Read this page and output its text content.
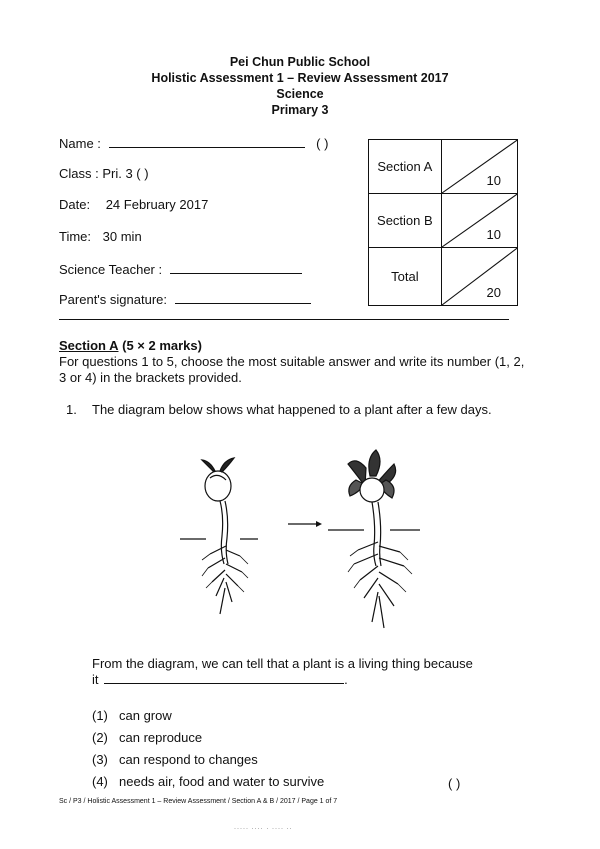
Pei Chun Public School
Holistic Assessment 1 – Review Assessment 2017
Science
Primary 3
Name :	( )
Class : Pri. 3 ( )
Date: 24 February 2017
Time: 30 min
Science Teacher :
Parent's signature:
Section A	10

Section B	10

Total	20
Section A (5 × 2 marks)
For questions 1 to 5, choose the most suitable answer and write its number (1, 2, 3 or 4) in the brackets provided.
1. The diagram below shows what happened to a plant after a few days.
From the diagram, we can tell that a plant is a living thing because
it	.
(1) can grow
(2) can reproduce
(3) can respond to changes
(4) needs air, food and water to survive	( )
Sc / P3 / Holistic Assessment 1 – Review Assessment / Section A & B / 2017 / Page 1 of 7
····· ···· · ···· ··
